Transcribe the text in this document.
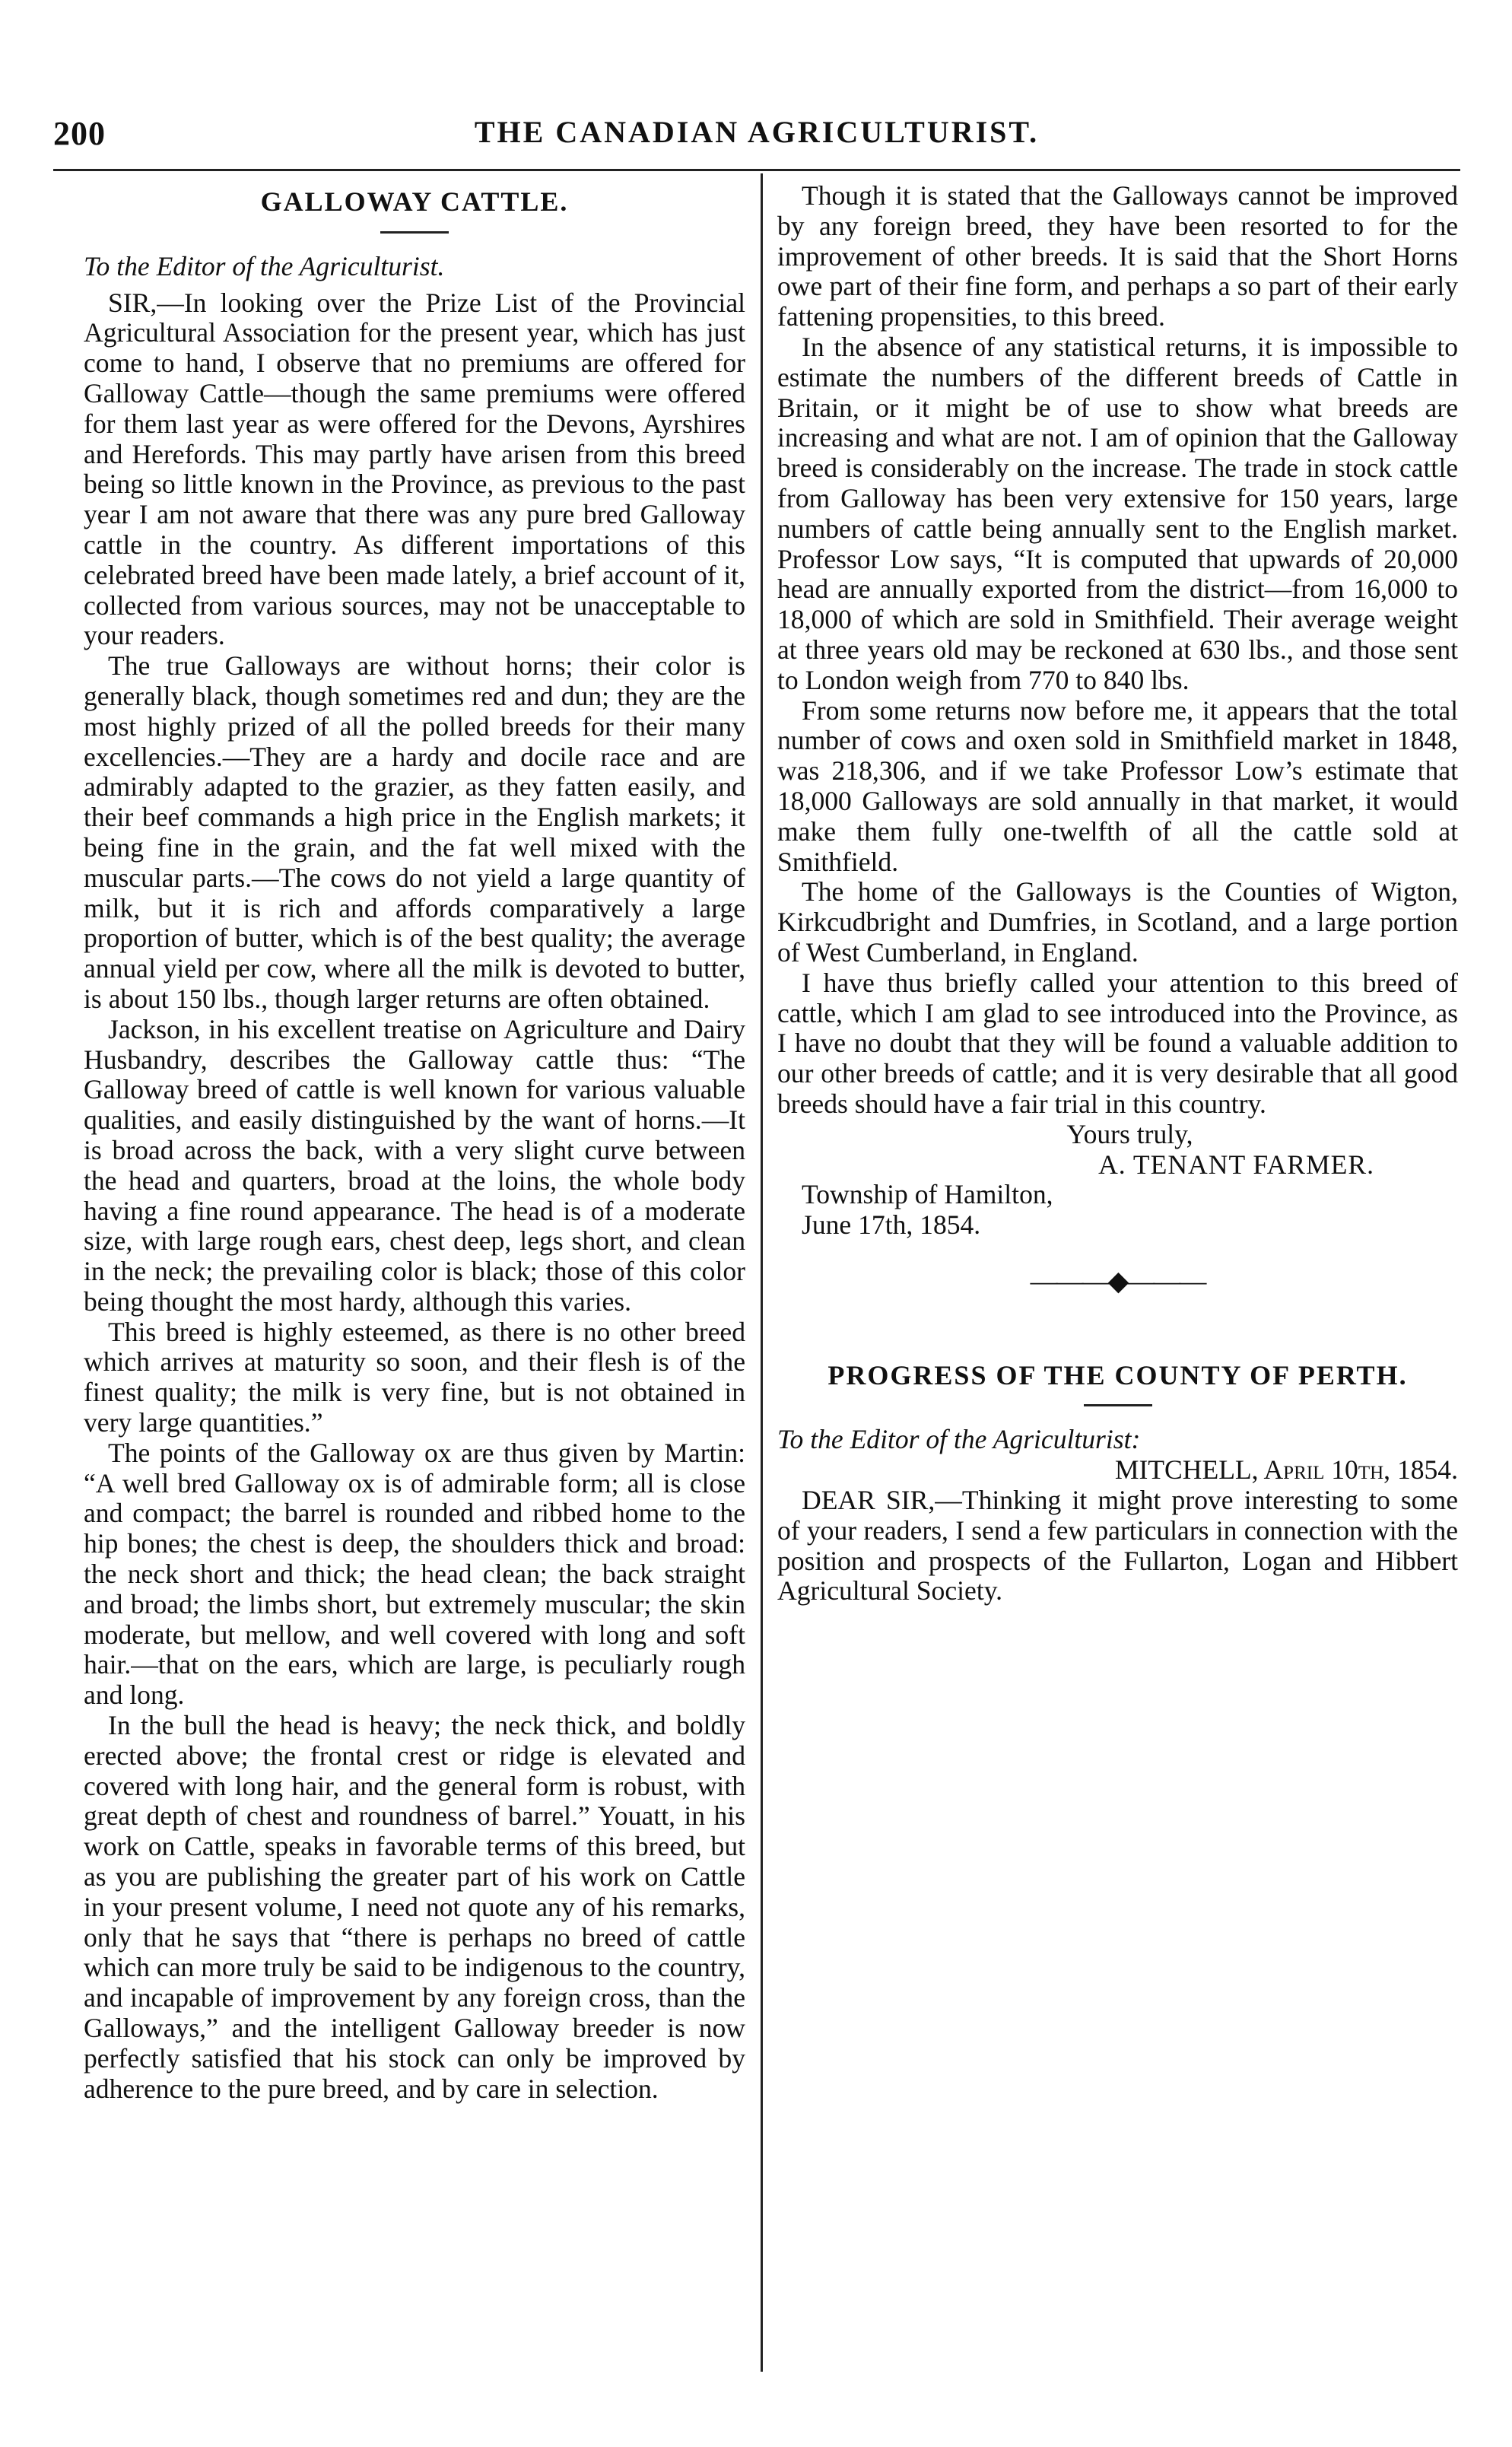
200	THE CANADIAN AGRICULTURIST.
GALLOWAY CATTLE.

To the Editor of the Agriculturist.

SIR,—In looking over the Prize List of the Provincial Agricultural Association for the present year, which has just come to hand, I observe that no premiums are offered for Galloway Cattle—though the same premiums were offered for them last year as were offered for the Devons, Ayrshires and Herefords. This may partly have arisen from this breed being so little known in the Province, as previous to the past year I am not aware that there was any pure bred Galloway cattle in the country. As different importations of this celebrated breed have been made lately, a brief account of it, collected from various sources, may not be unacceptable to your readers.

The true Galloways are without horns; their color is generally black, though sometimes red and dun; they are the most highly prized of all the polled breeds for their many excellencies.—They are a hardy and docile race and are admirably adapted to the grazier, as they fatten easily, and their beef commands a high price in the English markets; it being fine in the grain, and the fat well mixed with the muscular parts.—The cows do not yield a large quantity of milk, but it is rich and affords comparatively a large proportion of butter, which is of the best quality; the average annual yield per cow, where all the milk is devoted to butter, is about 150 lbs., though larger returns are often obtained.

Jackson, in his excellent treatise on Agriculture and Dairy Husbandry, describes the Galloway cattle thus: “The Galloway breed of cattle is well known for various valuable qualities, and easily distinguished by the want of horns.—It is broad across the back, with a very slight curve between the head and quarters, broad at the loins, the whole body having a fine round appearance. The head is of a moderate size, with large rough ears, chest deep, legs short, and clean in the neck; the prevailing color is black; those of this color being thought the most hardy, although this varies.

This breed is highly esteemed, as there is no other breed which arrives at maturity so soon, and their flesh is of the finest quality; the milk is very fine, but is not obtained in very large quantities.”

The points of the Galloway ox are thus given by Martin: “A well bred Galloway ox is of admirable form; all is close and compact; the barrel is rounded and ribbed home to the hip bones; the chest is deep, the shoulders thick and broad: the neck short and thick; the head clean; the back straight and broad; the limbs short, but extremely muscular; the skin moderate, but mellow, and well covered with long and soft hair.—that on the ears, which are large, is peculiarly rough and long.

In the bull the head is heavy; the neck thick, and boldly erected above; the frontal crest or ridge is elevated and covered with long hair, and the general form is robust, with great depth of chest and roundness of barrel.” Youatt, in his work on Cattle, speaks in favorable terms of this breed, but as you are publishing the greater part of his work on Cattle in your present volume, I need not quote any of his remarks, only that he says that “there is perhaps no breed of cattle which can more truly be said to be indigenous to the country, and incapable of improvement by any foreign cross, than the Galloways,” and the intelligent Galloway breeder is now perfectly satisfied that his stock can only be improved by adherence to the pure breed, and by care in selection.

Though it is stated that the Galloways cannot be improved by any foreign breed, they have been resorted to for the improvement of other breeds. It is said that the Short Horns owe part of their fine form, and perhaps a so part of their early fattening propensities, to this breed.

In the absence of any statistical returns, it is impossible to estimate the numbers of the different breeds of Cattle in Britain, or it might be of use to show what breeds are increasing and what are not. I am of opinion that the Galloway breed is considerably on the increase. The trade in stock cattle from Galloway has been very extensive for 150 years, large numbers of cattle being annually sent to the English market. Professor Low says, “It is computed that upwards of 20,000 head are annually exported from the district—from 16,000 to 18,000 of which are sold in Smithfield. Their average weight at three years old may be reckoned at 630 lbs., and those sent to London weigh from 770 to 840 lbs.

From some returns now before me, it appears that the total number of cows and oxen sold in Smithfield market in 1848, was 218,306, and if we take Professor Low’s estimate that 18,000 Galloways are sold annually in that market, it would make them fully one-twelfth of all the cattle sold at Smithfield.

The home of the Galloways is the Counties of Wigton, Kirkcudbright and Dumfries, in Scotland, and a large portion of West Cumberland, in England.

I have thus briefly called your attention to this breed of cattle, which I am glad to see introduced into the Province, as I have no doubt that they will be found a valuable addition to our other breeds of cattle; and it is very desirable that all good breeds should have a fair trial in this country.

Yours truly,

A. TENANT FARMER.

Township of Hamilton,

June 17th, 1854.

———◆———
PROGRESS OF THE COUNTY OF PERTH.

To the Editor of the Agriculturist:

MITCHELL, April 10th, 1854.

DEAR SIR,—Thinking it might prove interesting to some of your readers, I send a few particulars in connection with the position and prospects of the Fullarton, Logan and Hibbert Agricultural Society.
